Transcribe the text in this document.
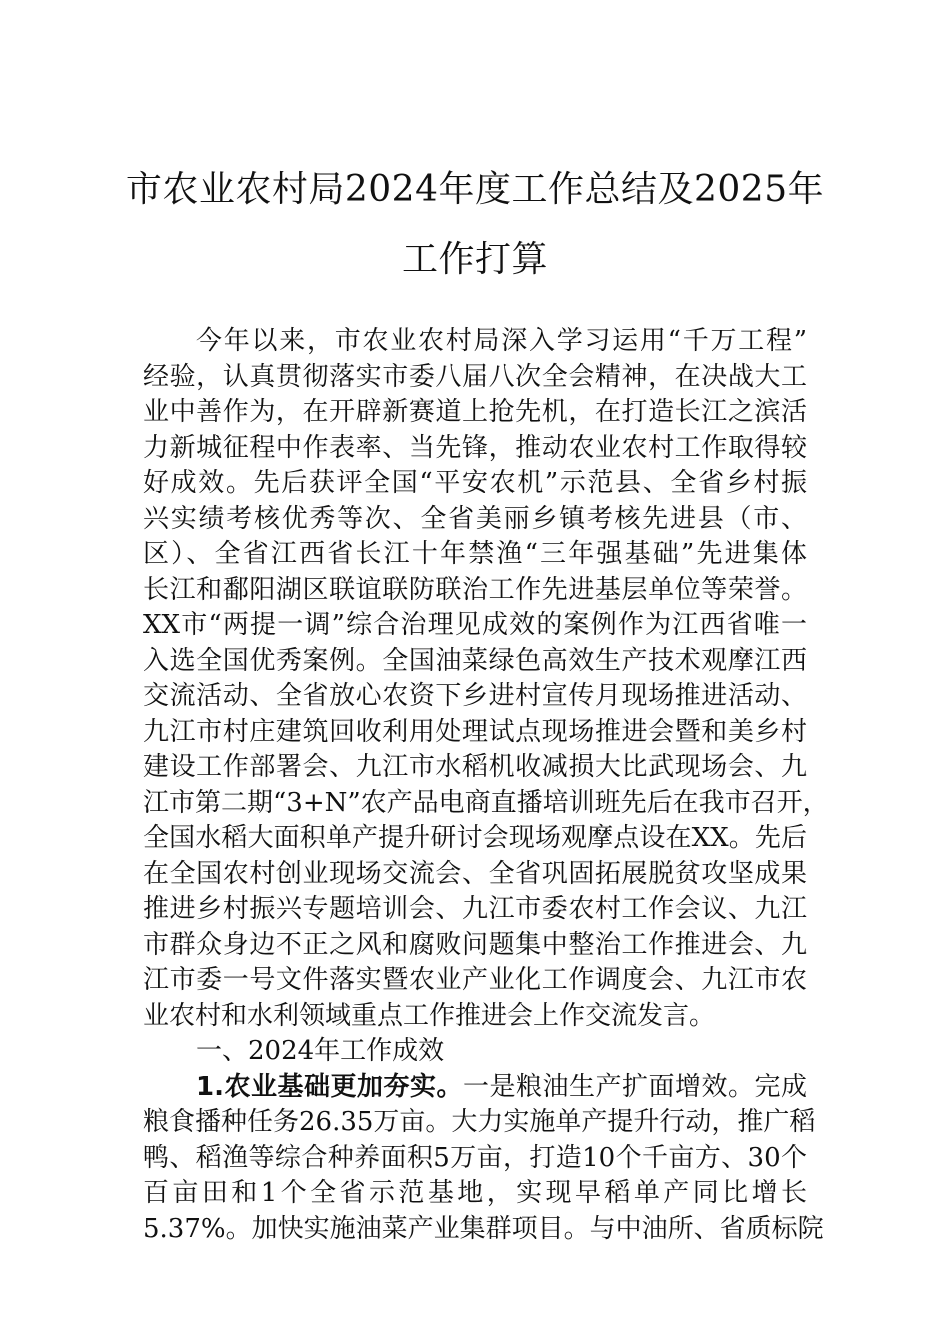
市农业农村局2024年度工作总结及2025年
工作打算

今年以来，市农业农村局深入学习运用“千万工程”

经验，认真贯彻落实市委八届八次全会精神，在决战大工

业中善作为，在开辟新赛道上抢先机，在打造长江之滨活

力新城征程中作表率、当先锋，推动农业农村工作取得较

好成效。先后获评全国“平安农机”示范县、全省乡村振

兴实绩考核优秀等次、全省美丽乡镇考核先进县（市、

区）、全省江西省长江十年禁渔“三年强基础”先进集体

长江和鄱阳湖区联谊联防联治工作先进基层单位等荣誉。

XX市“两提一调”综合治理见成效的案例作为江西省唯一

入选全国优秀案例。全国油菜绿色高效生产技术观摩江西

交流活动、全省放心农资下乡进村宣传月现场推进活动、

九江市村庄建筑回收利用处理试点现场推进会暨和美乡村

建设工作部署会、九江市水稻机收减损大比武现场会、九

江市第二期“3+N”农产品电商直播培训班先后在我市召开，

全国水稻大面积单产提升研讨会现场观摩点设在XX。先后

在全国农村创业现场交流会、全省巩固拓展脱贫攻坚成果

推进乡村振兴专题培训会、九江市委农村工作会议、九江

市群众身边不正之风和腐败问题集中整治工作推进会、九

江市委一号文件落实暨农业产业化工作调度会、九江市农

业农村和水利领域重点工作推进会上作交流发言。

一、2024年工作成效

1.农业基础更加夯实。一是粮油生产扩面增效。完成

粮食播种任务26.35万亩。大力实施单产提升行动，推广稻

鸭、稻渔等综合种养面积5万亩，打造10个千亩方、30个

百亩田和1个全省示范基地，实现早稻单产同比增长

5.37%。加快实施油菜产业集群项目。与中油所、省质标院
